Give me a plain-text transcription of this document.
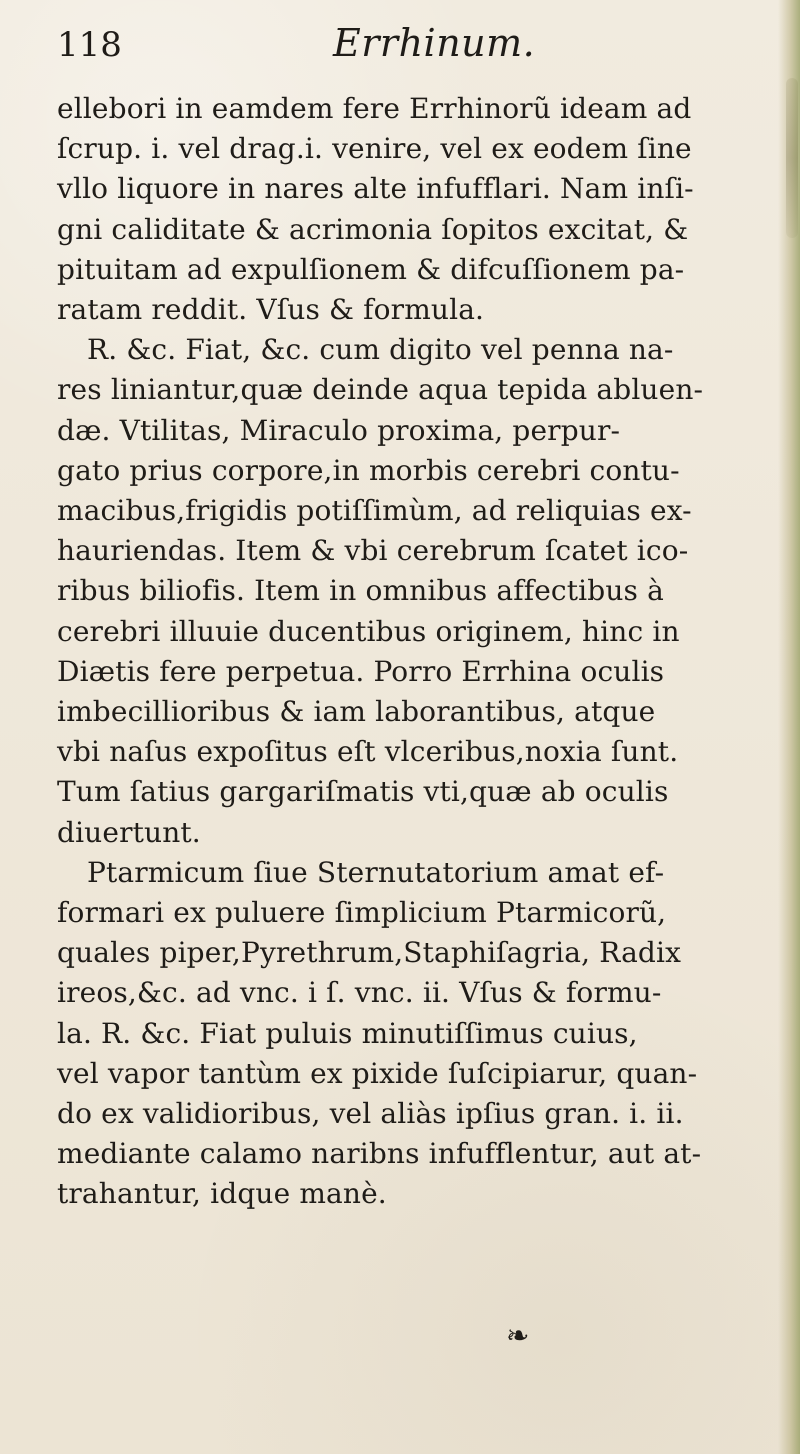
118	Errhinum.
ellebori in eamdem fere Errhinorũ ideam ad
ſcrup. i. vel drag.i. venire, vel ex eodem ſine
vllo liquore in nares alte infufflari. Nam inſi-
gni caliditate & acrimonia ſopitos excitat, &
pituitam ad expulſionem & difcuſſionem pa-
ratam reddit. Vſus & formula.
R. &c. Fiat, &c. cum digito vel penna na-
res liniantur,quæ deinde aqua tepida abluen-
dæ. Vtilitas, Miraculo proxima, perpur-
gato prius corpore,in morbis cerebri contu-
macibus,frigidis potiſſimùm, ad reliquias ex-
hauriendas. Item & vbi cerebrum ſcatet ico-
ribus biliofis. Item in omnibus affectibus à
cerebri illuuie ducentibus originem, hinc in
Diætis fere perpetua. Porro Errhina oculis
imbecillioribus & iam laborantibus, atque
vbi naſus expoſitus eſt vlceribus,noxia ſunt.
Tum ſatius gargariſmatis vti,quæ ab oculis
diuertunt.
Ptarmicum ſiue Sternutatorium amat ef-
formari ex puluere ſimplicium Ptarmicorũ,
quales piper,Pyrethrum,Staphiſagria, Radix
ireos,&c. ad vnc. i ſ. vnc. ii. Vſus & formu-
la. R. &c. Fiat puluis minutiſſimus cuius,
vel vapor tantùm ex pixide ſuſcipiarur, quan-
do ex validioribus, vel aliàs ipſius gran. i. ii.
mediante calamo naribns infufflentur, aut at-
trahantur, idque manè.
❧
